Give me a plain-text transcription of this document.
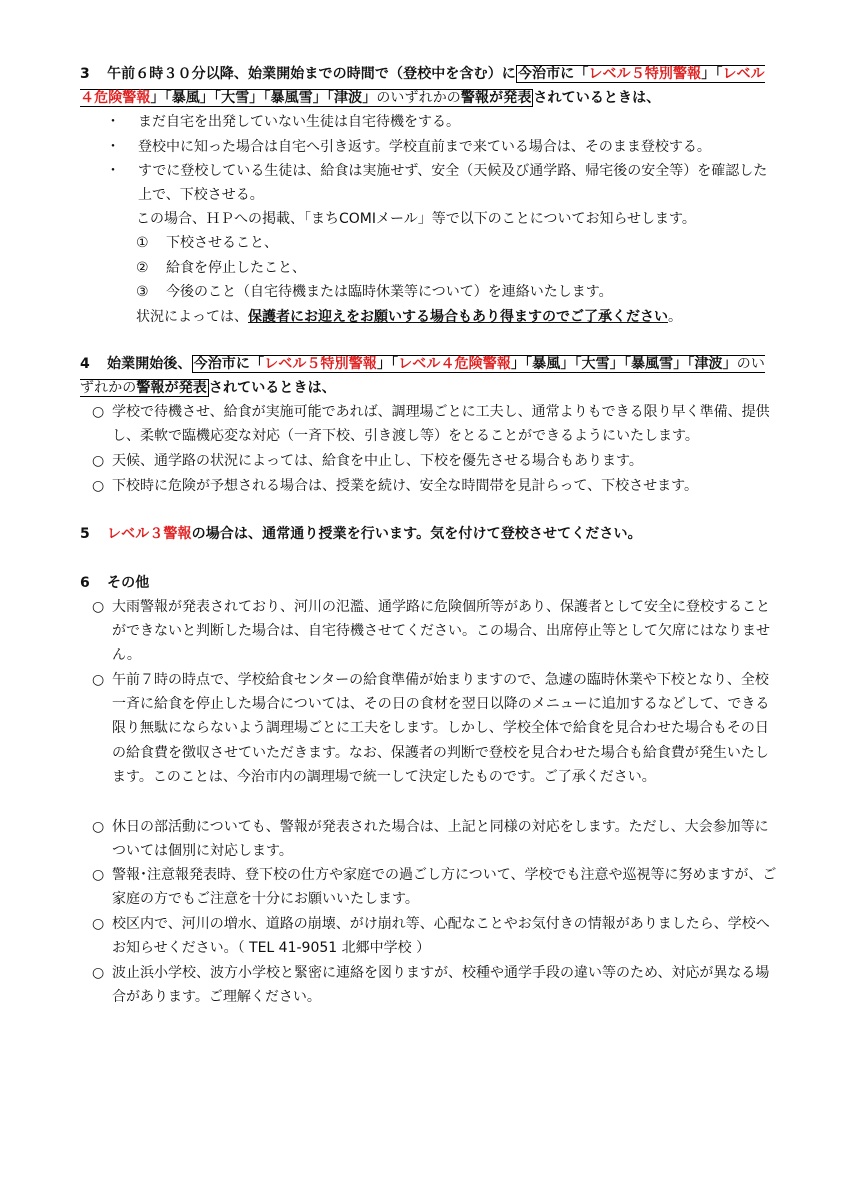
3 午前６時３０分以降、始業開始までの時間で（登校中を含む）に 今治市に「レベル５特別警報」「レベル４危険警報」「暴風」「大雪」「暴風雪」「津波」のいずれかの警報が発表 されているときは、
・ まだ自宅を出発していない生徒は自宅待機をする。
・ 登校中に知った場合は自宅へ引き返す。学校直前まで来ている場合は、そのまま登校する。
・ すでに登校している生徒は、給食は実施せず、安全（天候及び通学路、帰宅後の安全等）を確認した上で、下校させる。
この場合、ＨＰへの掲載、「まちCOMIメール」等で以下のことについてお知らせします。
① 下校させること、
② 給食を停止したこと、
③ 今後のこと（自宅待機または臨時休業等について）を連絡いたします。
状況によっては、保護者にお迎えをお願いする場合もあり得ますのでご了承ください。
4 始業開始後、 今治市に「レベル５特別警報」「レベル４危険警報」「暴風」「大雪」「暴風雪」「津波」のいずれかの警報が発表 されているときは、
○ 学校で待機させ、給食が実施可能であれば、調理場ごとに工夫し、通常よりもできる限り早く準備、提供し、柔軟で臨機応変な対応（一斉下校、引き渡し等）をとることができるようにいたします。
○ 天候、通学路の状況によっては、給食を中止し、下校を優先させる場合もあります。
○ 下校時に危険が予想される場合は、授業を続け、安全な時間帯を見計らって、下校させます。
5 レベル３警報の場合は、通常通り授業を行います。気を付けて登校させてください。
6 その他
○ 大雨警報が発表されており、河川の氾濫、通学路に危険個所等があり、保護者として安全に登校することができないと判断した場合は、自宅待機させてください。この場合、出席停止等として欠席にはなりません。
○ 午前７時の時点で、学校給食センターの給食準備が始まりますので、急遽の臨時休業や下校となり、全校一斉に給食を停止した場合については、その日の食材を翌日以降のメニューに追加するなどして、できる限り無駄にならないよう調理場ごとに工夫をします。しかし、学校全体で給食を見合わせた場合もその日の給食費を徴収させていただきます。なお、保護者の判断で登校を見合わせた場合も給食費が発生いたします。このことは、今治市内の調理場で統一して決定したものです。ご了承ください。
○ 休日の部活動についても、警報が発表された場合は、上記と同様の対応をします。ただし、大会参加等については個別に対応します。
○ 警報･注意報発表時、登下校の仕方や家庭での過ごし方について、学校でも注意や巡視等に努めますが、ご家庭の方でもご注意を十分にお願いいたします。
○ 校区内で、河川の増水、道路の崩壊、がけ崩れ等、心配なことやお気付きの情報がありましたら、学校へお知らせください。（ TEL 41-9051 北郷中学校 ）
○ 波止浜小学校、波方小学校と緊密に連絡を図りますが、校種や通学手段の違い等のため、対応が異なる場合があります。ご理解ください。
